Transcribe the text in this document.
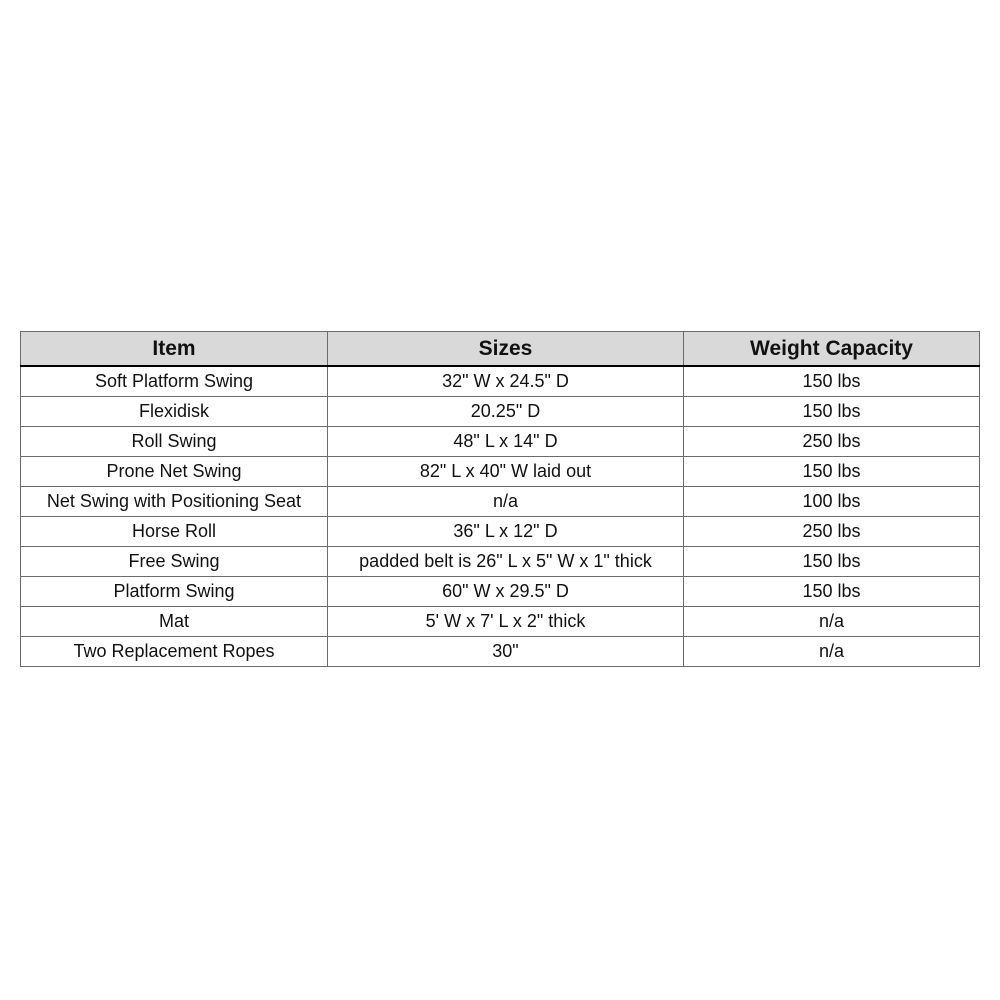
Item	Sizes	Weight Capacity
Soft Platform Swing	32" W x 24.5" D	150 lbs
Flexidisk	20.25" D	150 lbs
Roll Swing	48" L x 14" D	250 lbs
Prone Net Swing	82" L x 40" W laid out	150 lbs
Net Swing with Positioning Seat	n/a	100 lbs
Horse Roll	36" L x 12" D	250 lbs
Free Swing	padded belt is 26" L x 5" W x 1" thick	150 lbs
Platform Swing	60" W x 29.5" D	150 lbs
Mat	5' W x 7' L x 2" thick	n/a
Two Replacement Ropes	30"	n/a
